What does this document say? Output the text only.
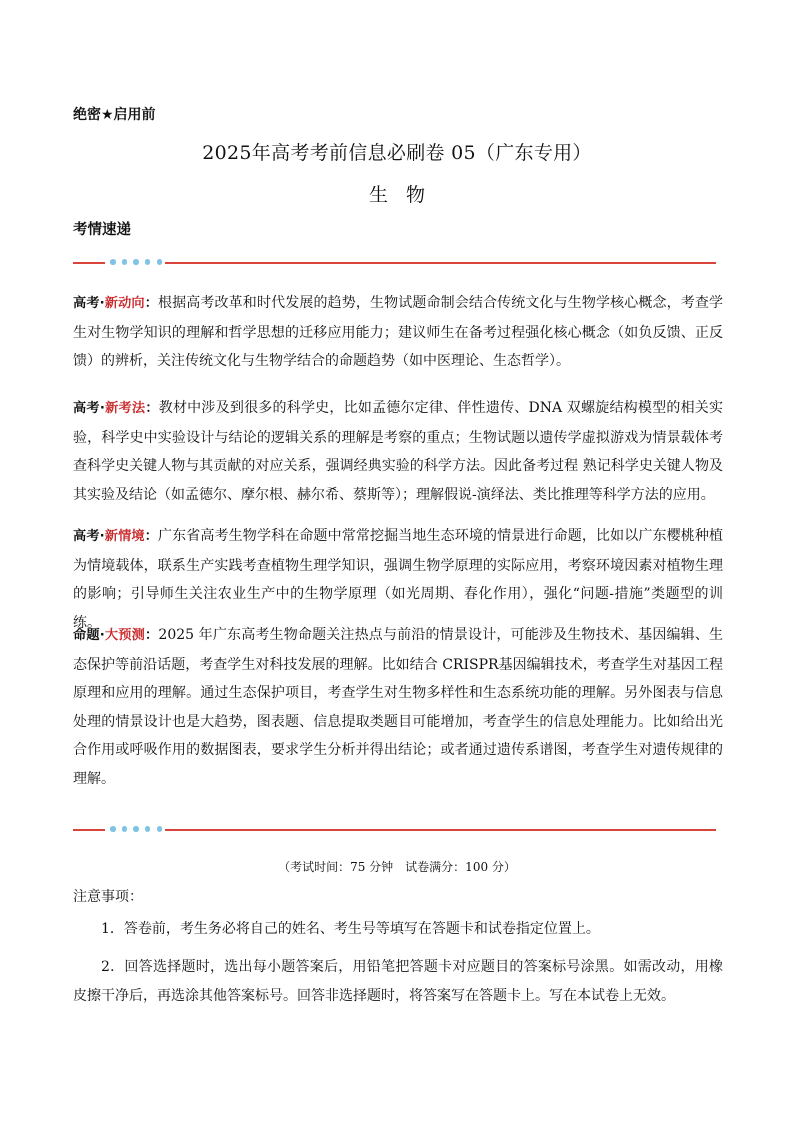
绝密★启用前
2025年高考考前信息必刷卷 05（广东专用）
生物
考情速递
高考·新动向：根据高考改革和时代发展的趋势，生物试题命制会结合传统文化与生物学核心概念，考查学生对生物学知识的理解和哲学思想的迁移应用能力；建议师生在备考过程强化核心概念（如负反馈、正反馈）的辨析，关注传统文化与生物学结合的命题趋势（如中医理论、生态哲学）。
高考·新考法：教材中涉及到很多的科学史，比如孟德尔定律、伴性遗传、DNA 双螺旋结构模型的相关实验，科学史中实验设计与结论的逻辑关系的理解是考察的重点；生物试题以遗传学虚拟游戏为情景载体考查科学史关键人物与其贡献的对应关系，强调经典实验的科学方法。因此备考过程 熟记科学史关键人物及其实验及结论（如孟德尔、摩尔根、赫尔希、蔡斯等）；理解假说-演绎法、类比推理等科学方法的应用。
高考·新情境：广东省高考生物学科在命题中常常挖掘当地生态环境的情景进行命题，比如以广东樱桃种植为情境载体，联系生产实践考查植物生理学知识，强调生物学原理的实际应用，考察环境因素对植物生理的影响；引导师生关注农业生产中的生物学原理（如光周期、春化作用），强化“问题-措施”类题型的训练。
命题·大预测：2025 年广东高考生物命题关注热点与前沿的情景设计，可能涉及生物技术、基因编辑、生态保护等前沿话题，考查学生对科技发展的理解。比如结合 CRISPR基因编辑技术，考查学生对基因工程原理和应用的理解。通过生态保护项目，考查学生对生物多样性和生态系统功能的理解。另外图表与信息处理的情景设计也是大趋势，图表题、信息提取类题目可能增加，考查学生的信息处理能力。比如给出光合作用或呼吸作用的数据图表，要求学生分析并得出结论；或者通过遗传系谱图，考查学生对遗传规律的理解。
（考试时间：75 分钟　试卷满分：100 分）
注意事项：
1．答卷前，考生务必将自己的姓名、考生号等填写在答题卡和试卷指定位置上。
2．回答选择题时，选出每小题答案后，用铅笔把答题卡对应题目的答案标号涂黑。如需改动，用橡皮擦干净后，再选涂其他答案标号。回答非选择题时，将答案写在答题卡上。写在本试卷上无效。
